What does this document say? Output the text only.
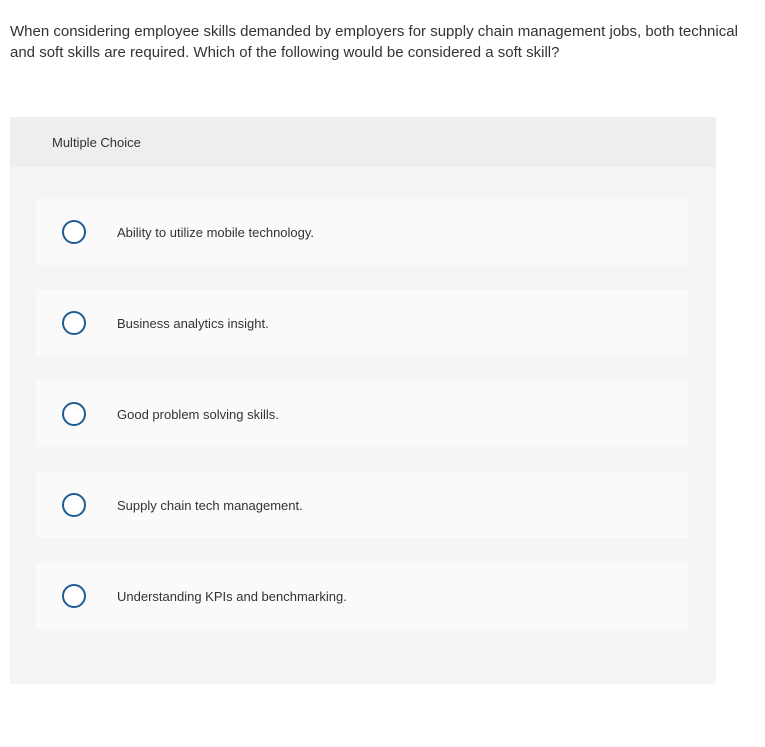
When considering employee skills demanded by employers for supply chain management jobs, both technical and soft skills are required. Which of the following would be considered a soft skill?

Multiple Choice
Ability to utilize mobile technology.
Business analytics insight.
Good problem solving skills.
Supply chain tech management.
Understanding KPIs and benchmarking.
